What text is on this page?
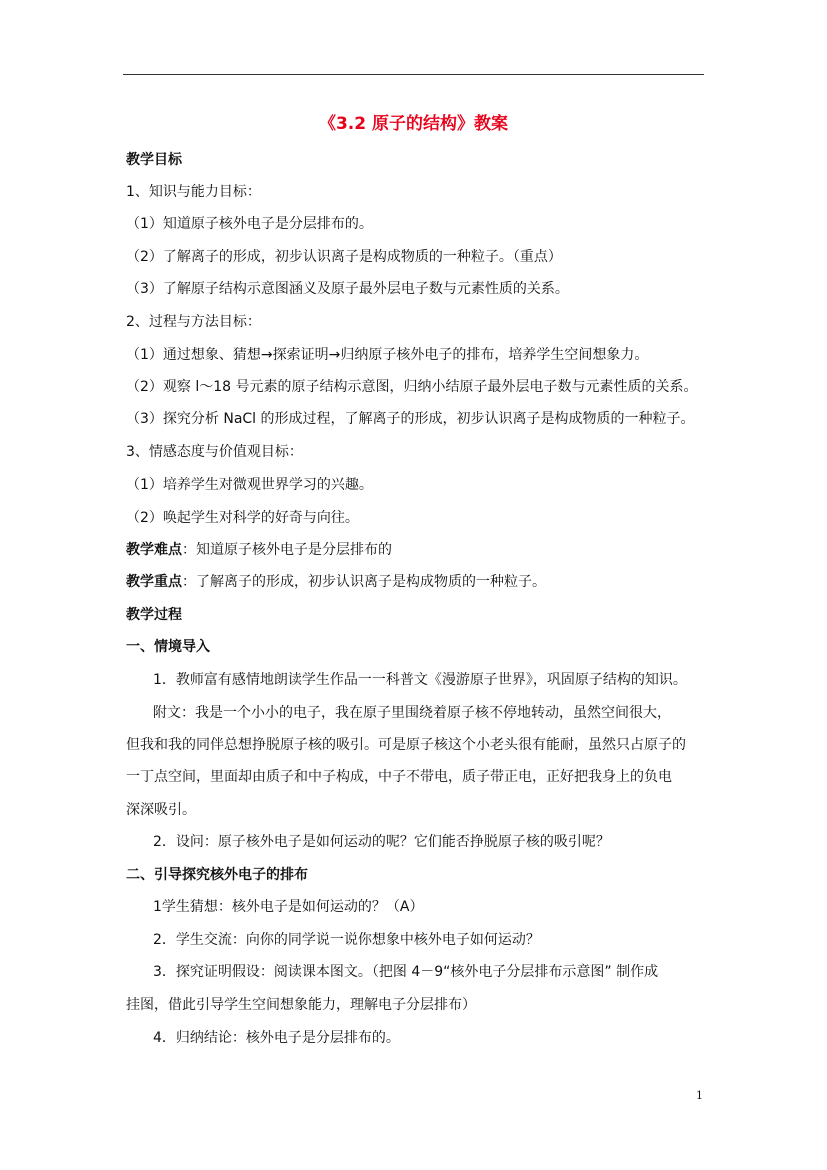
《3.2 原子的结构》教案
教学目标
1、知识与能力目标：
（1）知道原子核外电子是分层排布的。
（2）了解离子的形成，初步认识离子是构成物质的一种粒子。（重点）
（3）了解原子结构示意图涵义及原子最外层电子数与元素性质的关系。
2、过程与方法目标：
（1）通过想象、猜想→探索证明→归纳原子核外电子的排布，培养学生空间想象力。
（2）观察 l～18 号元素的原子结构示意图，归纳小结原子最外层电子数与元素性质的关系。
（3）探究分析 NaCl 的形成过程，了解离子的形成，初步认识离子是构成物质的一种粒子。
3、情感态度与价值观目标：
（1）培养学生对微观世界学习的兴趣。
（2）唤起学生对科学的好奇与向往。
教学难点：知道原子核外电子是分层排布的
教学重点：了解离子的形成，初步认识离子是构成物质的一种粒子。
教学过程
一、情境导入
1．教师富有感情地朗读学生作品一一科普文《漫游原子世界》，巩固原子结构的知识。
附文：我是一个小小的电子，我在原子里围绕着原子核不停地转动，虽然空间很大，
但我和我的同伴总想挣脱原子核的吸引。可是原子核这个小老头很有能耐，虽然只占原子的
一丁点空间，里面却由质子和中子构成，中子不带电，质子带正电，正好把我身上的负电
深深吸引。
2．设问：原子核外电子是如何运动的呢？它们能否挣脱原子核的吸引呢？
二、引导探究核外电子的排布
1学生猜想：核外电子是如何运动的？（A）
2．学生交流：向你的同学说一说你想象中核外电子如何运动？
3．探究证明假设：阅读课本图文。（把图 4－9“核外电子分层排布示意图” 制作成
挂图，借此引导学生空间想象能力，理解电子分层排布）
4．归纳结论：核外电子是分层排布的。
1
